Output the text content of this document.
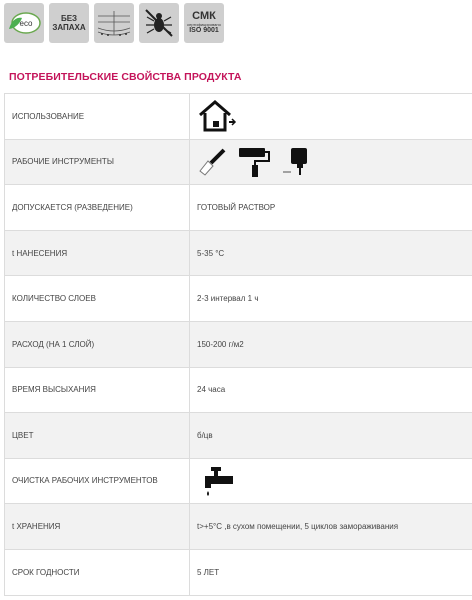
eco
БЕЗ
ЗАПАХА
СМК
сертифицировано
ISO 9001
ПОТРЕБИТЕЛЬСКИЕ СВОЙСТВА ПРОДУКТА
ИСПОЛЬЗОВАНИЕ	

РАБОЧИЕ ИНСТРУМЕНТЫ	

ДОПУСКАЕТСЯ (РАЗВЕДЕНИЕ)	ГОТОВЫЙ РАСТВОР
t НАНЕСЕНИЯ	5-35 °С
КОЛИЧЕСТВО СЛОЕВ	2-3 интервал 1 ч
РАСХОД (НА 1 СЛОЙ)	150-200 г/м2
ВРЕМЯ ВЫСЫХАНИЯ	24 часа
ЦВЕТ	б/цв
ОЧИСТКА РАБОЧИХ ИНСТРУМЕНТОВ	

t ХРАНЕНИЯ	t>+5°С ,в сухом помещении, 5 циклов замораживания
СРОК ГОДНОСТИ	5 ЛЕТ
